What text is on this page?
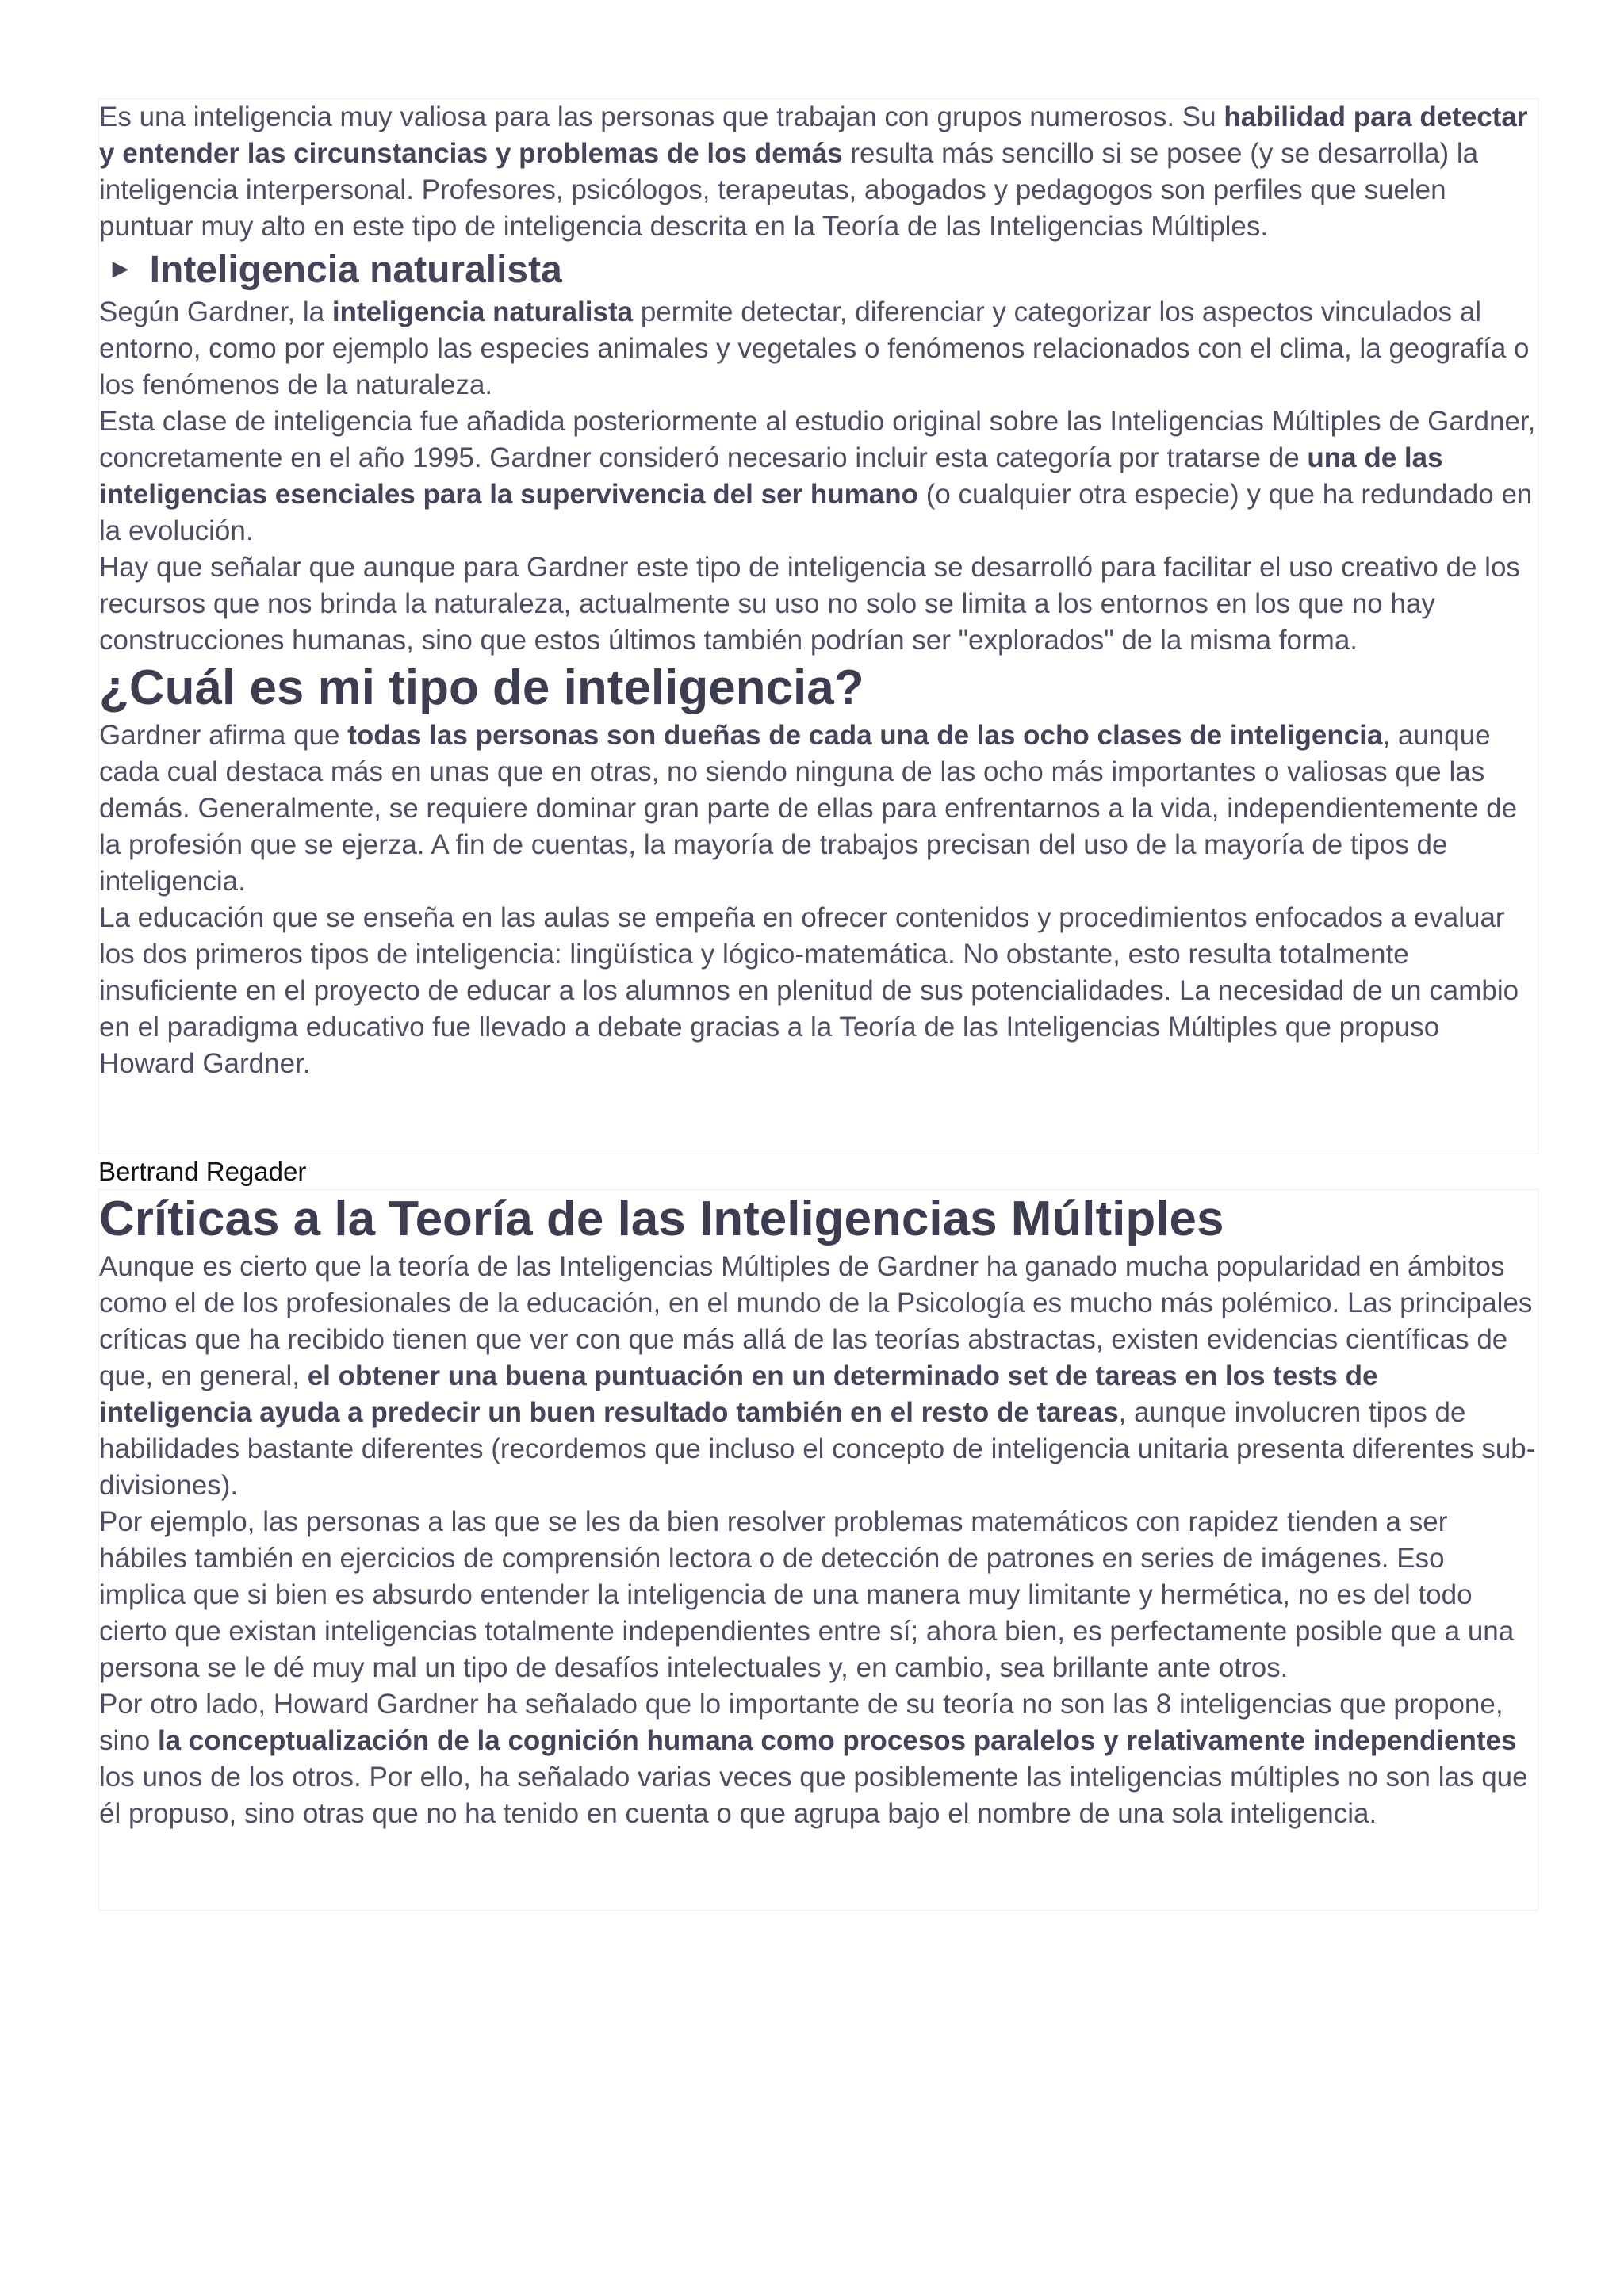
Es una inteligencia muy valiosa para las personas que trabajan con grupos numerosos. Su habilidad para detectar y entender las circunstancias y problemas de los demás resulta más sencillo si se posee (y se desarrolla) la inteligencia interpersonal. Profesores, psicólogos, terapeutas, abogados y pedagogos son perfiles que suelen puntuar muy alto en este tipo de inteligencia descrita en la Teoría de las Inteligencias Múltiples.

► Inteligencia naturalista

Según Gardner, la inteligencia naturalista permite detectar, diferenciar y categorizar los aspectos vinculados al entorno, como por ejemplo las especies animales y vegetales o fenómenos relacionados con el clima, la geografía o los fenómenos de la naturaleza.

Esta clase de inteligencia fue añadida posteriormente al estudio original sobre las Inteligencias Múltiples de Gardner, concretamente en el año 1995. Gardner consideró necesario incluir esta categoría por tratarse de una de las inteligencias esenciales para la supervivencia del ser humano (o cualquier otra especie) y que ha redundado en la evolución.

Hay que señalar que aunque para Gardner este tipo de inteligencia se desarrolló para facilitar el uso creativo de los recursos que nos brinda la naturaleza, actualmente su uso no solo se limita a los entornos en los que no hay construcciones humanas, sino que estos últimos también podrían ser "explorados" de la misma forma.

¿Cuál es mi tipo de inteligencia?

Gardner afirma que todas las personas son dueñas de cada una de las ocho clases de inteligencia, aunque cada cual destaca más en unas que en otras, no siendo ninguna de las ocho más importantes o valiosas que las demás. Generalmente, se requiere dominar gran parte de ellas para enfrentarnos a la vida, independientemente de la profesión que se ejerza. A fin de cuentas, la mayoría de trabajos precisan del uso de la mayoría de tipos de inteligencia.

La educación que se enseña en las aulas se empeña en ofrecer contenidos y procedimientos enfocados a evaluar los dos primeros tipos de inteligencia: lingüística y lógico-matemática. No obstante, esto resulta totalmente insuficiente en el proyecto de educar a los alumnos en plenitud de sus potencialidades. La necesidad de un cambio en el paradigma educativo fue llevado a debate gracias a la Teoría de las Inteligencias Múltiples que propuso Howard Gardner.

Bertrand Regader
Críticas a la Teoría de las Inteligencias Múltiples

Aunque es cierto que la teoría de las Inteligencias Múltiples de Gardner ha ganado mucha popularidad en ámbitos como el de los profesionales de la educación, en el mundo de la Psicología es mucho más polémico. Las principales críticas que ha recibido tienen que ver con que más allá de las teorías abstractas, existen evidencias científicas de que, en general, el obtener una buena puntuación en un determinado set de tareas en los tests de inteligencia ayuda a predecir un buen resultado también en el resto de tareas, aunque involucren tipos de habilidades bastante diferentes (recordemos que incluso el concepto de inteligencia unitaria presenta diferentes sub-divisiones).

Por ejemplo, las personas a las que se les da bien resolver problemas matemáticos con rapidez tienden a ser hábiles también en ejercicios de comprensión lectora o de detección de patrones en series de imágenes. Eso implica que si bien es absurdo entender la inteligencia de una manera muy limitante y hermética, no es del todo cierto que existan inteligencias totalmente independientes entre sí; ahora bien, es perfectamente posible que a una persona se le dé muy mal un tipo de desafíos intelectuales y, en cambio, sea brillante ante otros.

Por otro lado, Howard Gardner ha señalado que lo importante de su teoría no son las 8 inteligencias que propone, sino la conceptualización de la cognición humana como procesos paralelos y relativamente independientes los unos de los otros. Por ello, ha señalado varias veces que posiblemente las inteligencias múltiples no son las que él propuso, sino otras que no ha tenido en cuenta o que agrupa bajo el nombre de una sola inteligencia.
